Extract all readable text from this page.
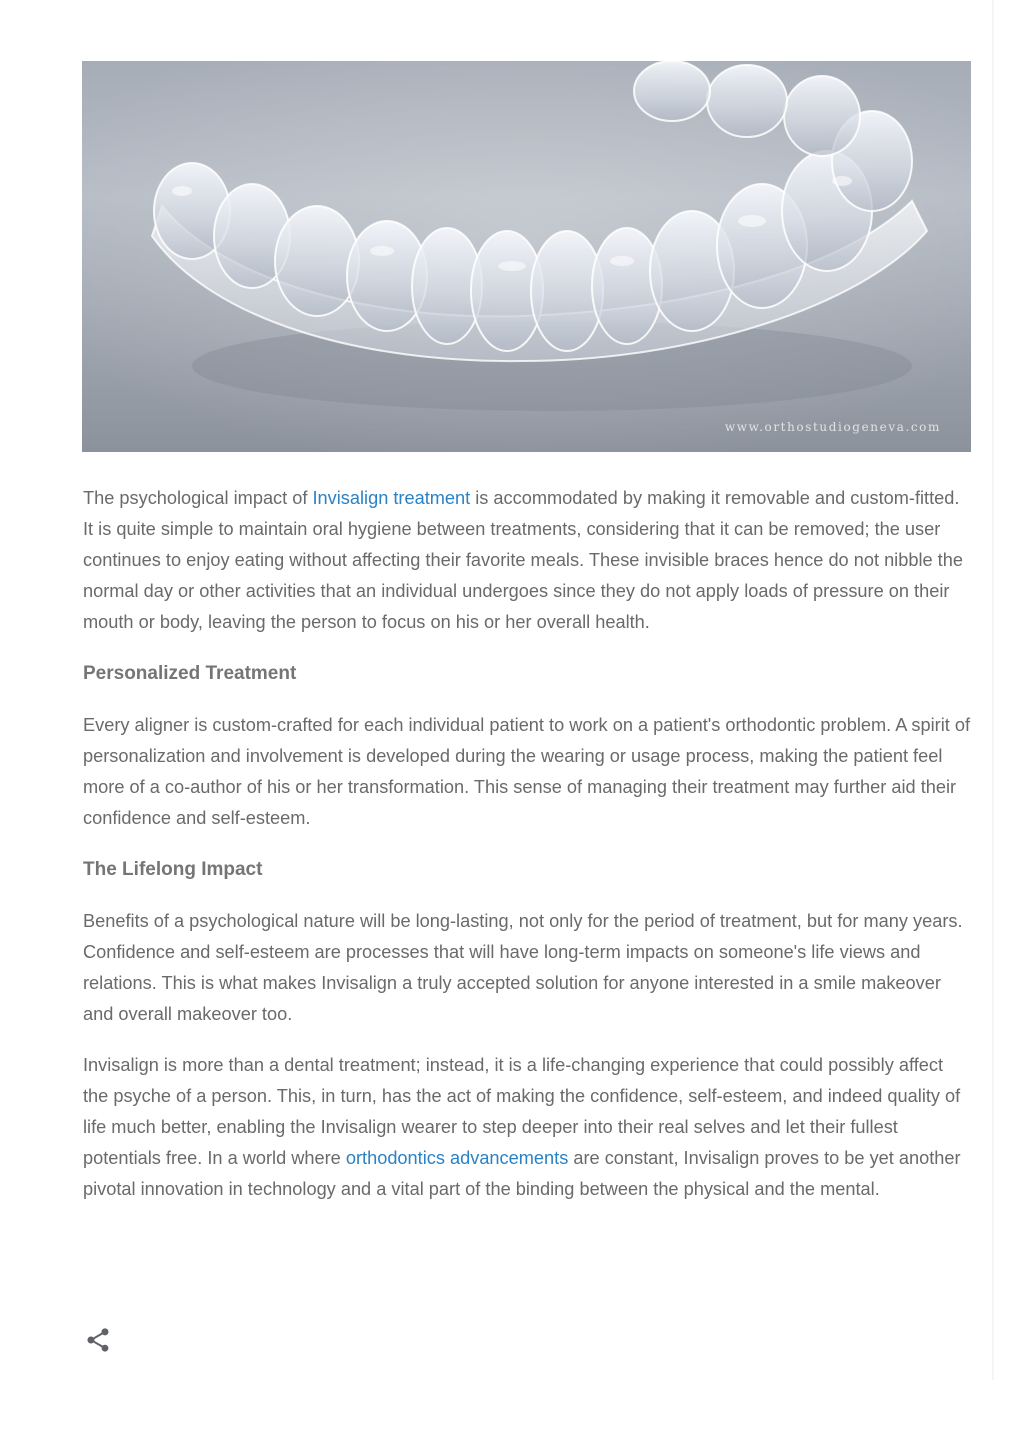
www.orthostudiogeneva.com

The psychological impact of Invisalign treatment is accommodated by making it removable and custom-fitted. It is quite simple to maintain oral hygiene between treatments, considering that it can be removed; the user continues to enjoy eating without affecting their favorite meals. These invisible braces hence do not nibble the normal day or other activities that an individual undergoes since they do not apply loads of pressure on their mouth or body, leaving the person to focus on his or her overall health.

Personalized Treatment

Every aligner is custom-crafted for each individual patient to work on a patient's orthodontic problem. A spirit of personalization and involvement is developed during the wearing or usage process, making the patient feel more of a co-author of his or her transformation. This sense of managing their treatment may further aid their confidence and self-esteem.

The Lifelong Impact

Benefits of a psychological nature will be long-lasting, not only for the period of treatment, but for many years. Confidence and self-esteem are processes that will have long-term impacts on someone's life views and relations. This is what makes Invisalign a truly accepted solution for anyone interested in a smile makeover and overall makeover too.

Invisalign is more than a dental treatment; instead, it is a life-changing experience that could possibly affect the psyche of a person. This, in turn, has the act of making the confidence, self-esteem, and indeed quality of life much better, enabling the Invisalign wearer to step deeper into their real selves and let their fullest potentials free. In a world where orthodontics advancements are constant, Invisalign proves to be yet another pivotal innovation in technology and a vital part of the binding between the physical and the mental.
